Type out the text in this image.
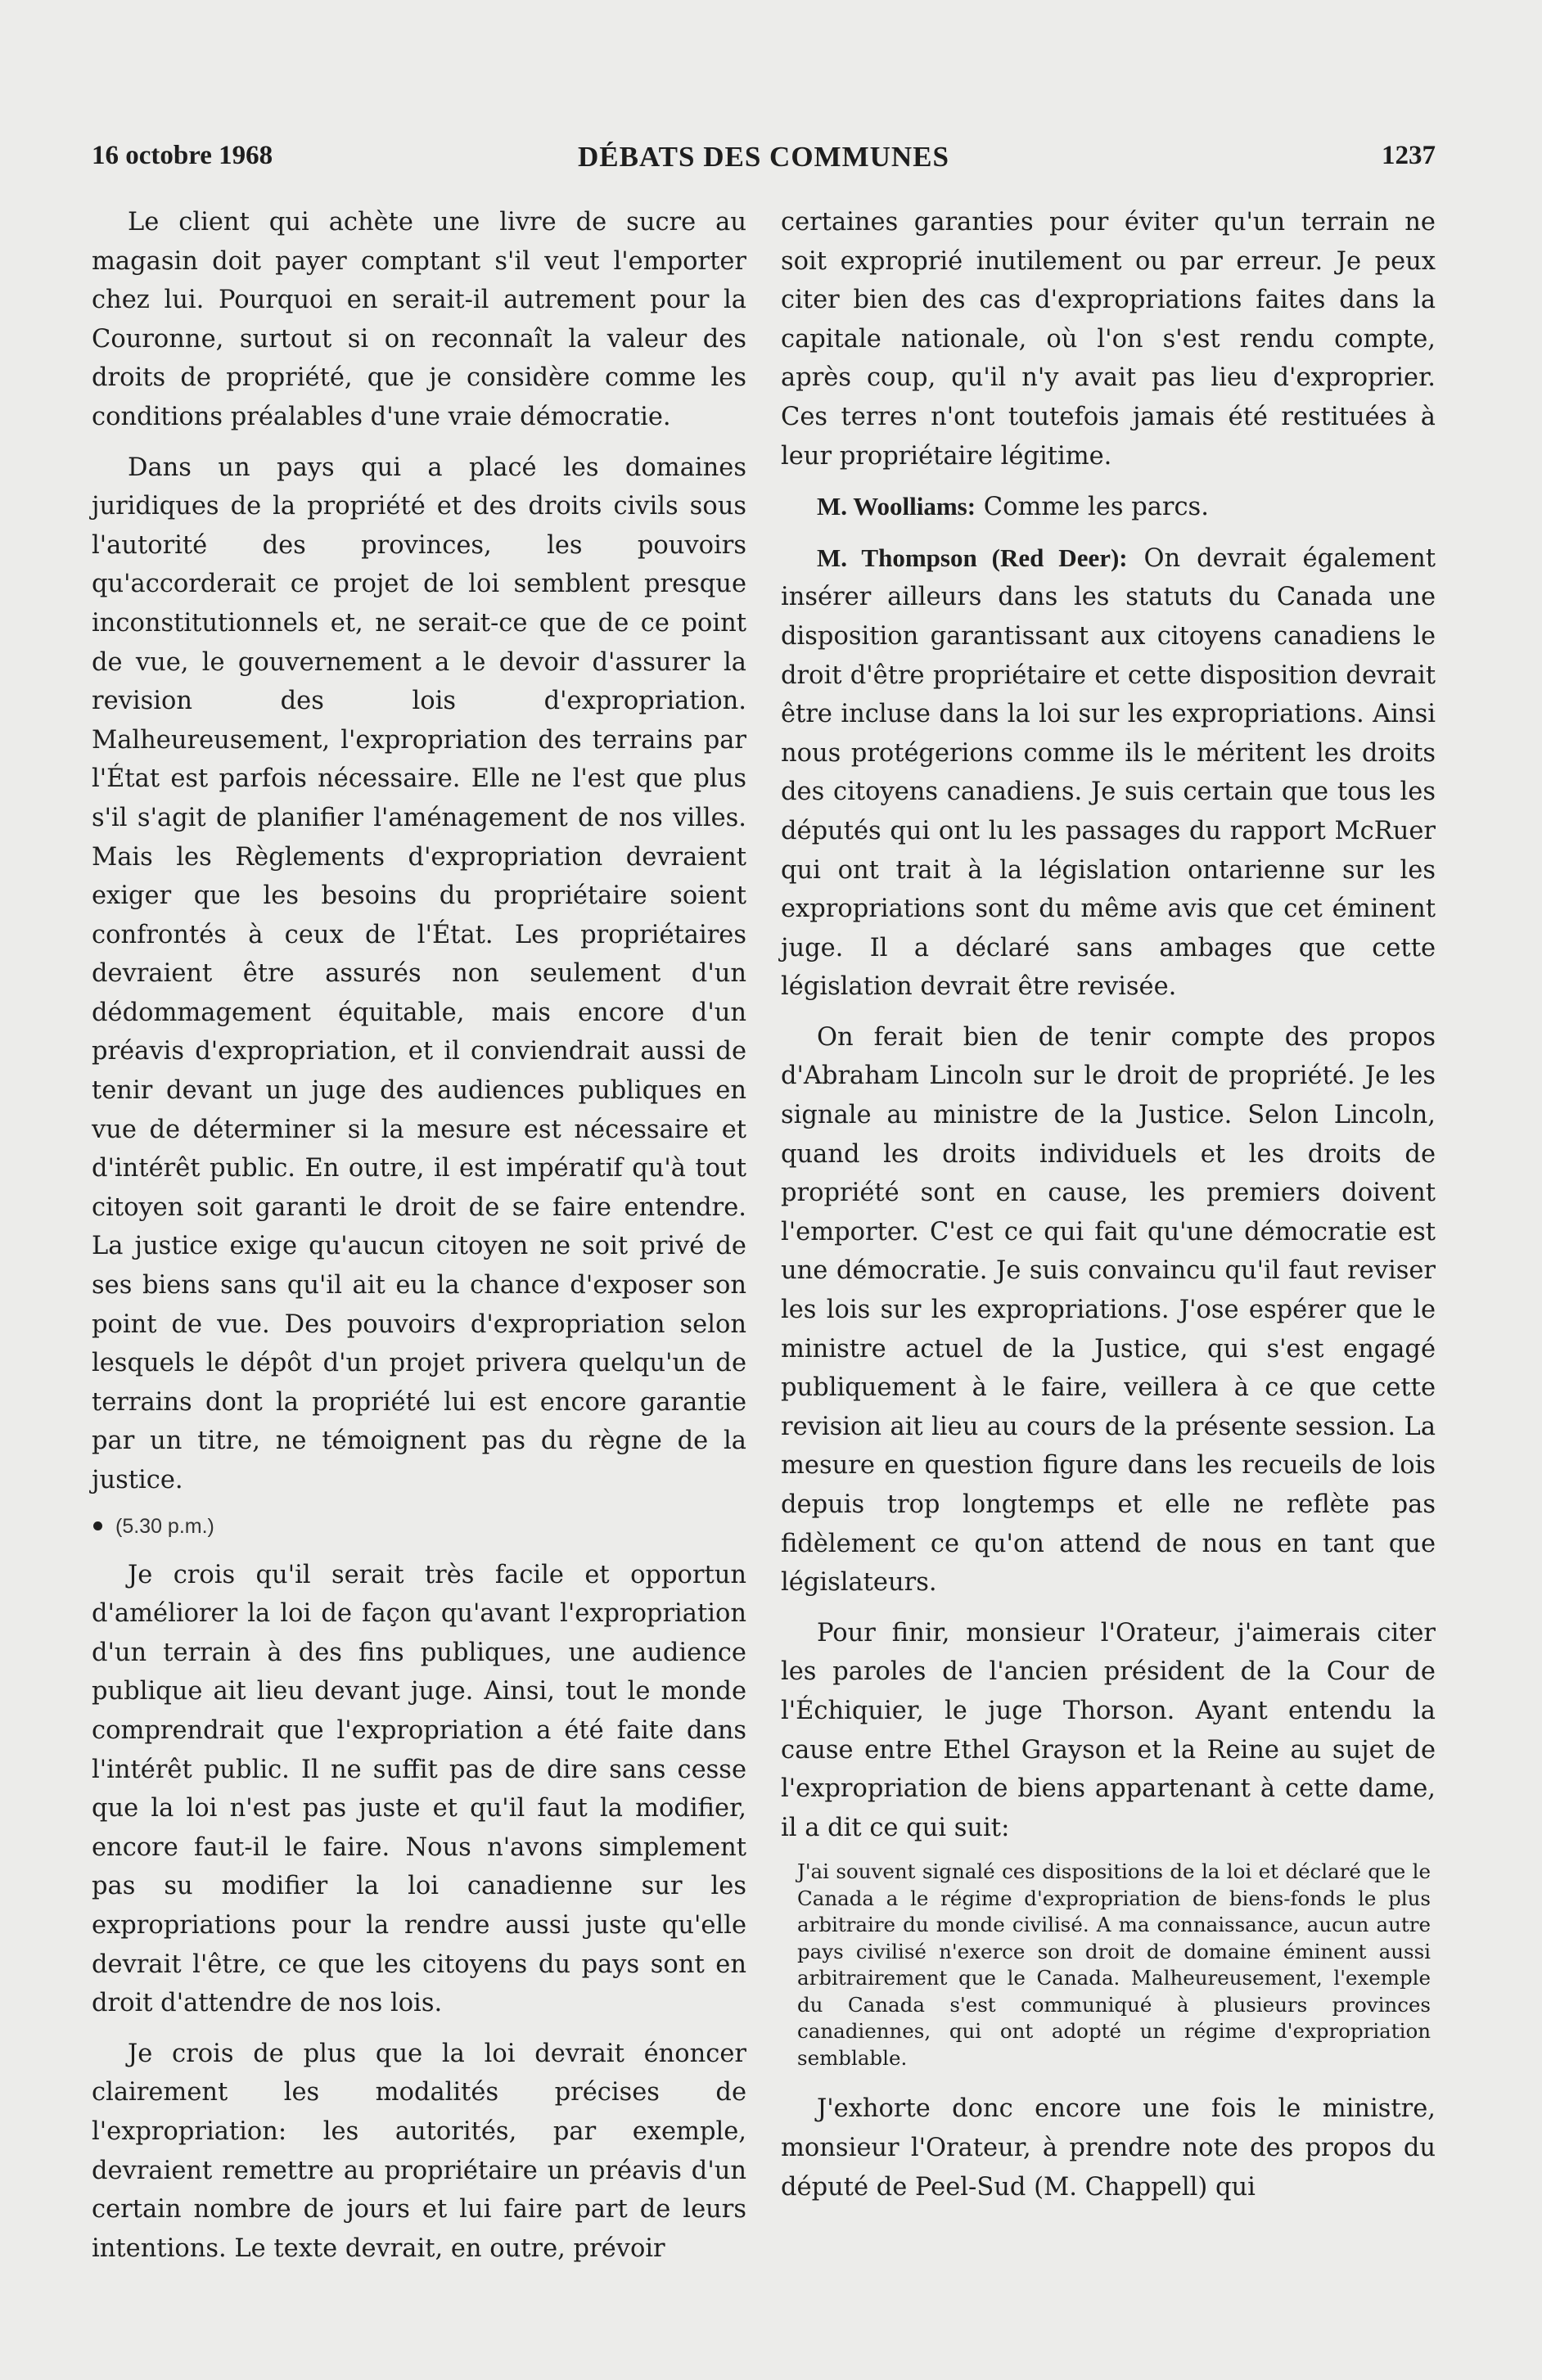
16 octobre 1968	DÉBATS DES COMMUNES	1237

Le client qui achète une livre de sucre au magasin doit payer comptant s'il veut l'emporter chez lui. Pourquoi en serait-il autrement pour la Couronne, surtout si on reconnaît la valeur des droits de propriété, que je considère comme les conditions préalables d'une vraie démocratie.

Dans un pays qui a placé les domaines juridiques de la propriété et des droits civils sous l'autorité des provinces, les pouvoirs qu'accorderait ce projet de loi semblent presque inconstitutionnels et, ne serait-ce que de ce point de vue, le gouvernement a le devoir d'assurer la revision des lois d'expropriation. Malheureusement, l'expropriation des terrains par l'État est parfois nécessaire. Elle ne l'est que plus s'il s'agit de planifier l'aménagement de nos villes. Mais les Règlements d'expropriation devraient exiger que les besoins du propriétaire soient confrontés à ceux de l'État. Les propriétaires devraient être assurés non seulement d'un dédommagement équitable, mais encore d'un préavis d'expropriation, et il conviendrait aussi de tenir devant un juge des audiences publiques en vue de déterminer si la mesure est nécessaire et d'intérêt public. En outre, il est impératif qu'à tout citoyen soit garanti le droit de se faire entendre. La justice exige qu'aucun citoyen ne soit privé de ses biens sans qu'il ait eu la chance d'exposer son point de vue. Des pouvoirs d'expropriation selon lesquels le dépôt d'un projet privera quelqu'un de terrains dont la propriété lui est encore garantie par un titre, ne témoignent pas du règne de la justice.

(5.30 p.m.)

Je crois qu'il serait très facile et opportun d'améliorer la loi de façon qu'avant l'expropriation d'un terrain à des fins publiques, une audience publique ait lieu devant juge. Ainsi, tout le monde comprendrait que l'expropriation a été faite dans l'intérêt public. Il ne suffit pas de dire sans cesse que la loi n'est pas juste et qu'il faut la modifier, encore faut-il le faire. Nous n'avons simplement pas su modifier la loi canadienne sur les expropriations pour la rendre aussi juste qu'elle devrait l'être, ce que les citoyens du pays sont en droit d'attendre de nos lois.

Je crois de plus que la loi devrait énoncer clairement les modalités précises de l'expropriation: les autorités, par exemple, devraient remettre au propriétaire un préavis d'un certain nombre de jours et lui faire part de leurs intentions. Le texte devrait, en outre, prévoir

certaines garanties pour éviter qu'un terrain ne soit exproprié inutilement ou par erreur. Je peux citer bien des cas d'expropriations faites dans la capitale nationale, où l'on s'est rendu compte, après coup, qu'il n'y avait pas lieu d'exproprier. Ces terres n'ont toutefois jamais été restituées à leur propriétaire légitime.

M. Woolliams: Comme les parcs.

M. Thompson (Red Deer): On devrait également insérer ailleurs dans les statuts du Canada une disposition garantissant aux citoyens canadiens le droit d'être propriétaire et cette disposition devrait être incluse dans la loi sur les expropriations. Ainsi nous protégerions comme ils le méritent les droits des citoyens canadiens. Je suis certain que tous les députés qui ont lu les passages du rapport McRuer qui ont trait à la législation ontarienne sur les expropriations sont du même avis que cet éminent juge. Il a déclaré sans ambages que cette législation devrait être revisée.

On ferait bien de tenir compte des propos d'Abraham Lincoln sur le droit de propriété. Je les signale au ministre de la Justice. Selon Lincoln, quand les droits individuels et les droits de propriété sont en cause, les premiers doivent l'emporter. C'est ce qui fait qu'une démocratie est une démocratie. Je suis convaincu qu'il faut reviser les lois sur les expropriations. J'ose espérer que le ministre actuel de la Justice, qui s'est engagé publiquement à le faire, veillera à ce que cette revision ait lieu au cours de la présente session. La mesure en question figure dans les recueils de lois depuis trop longtemps et elle ne reflète pas fidèlement ce qu'on attend de nous en tant que législateurs.

Pour finir, monsieur l'Orateur, j'aimerais citer les paroles de l'ancien président de la Cour de l'Échiquier, le juge Thorson. Ayant entendu la cause entre Ethel Grayson et la Reine au sujet de l'expropriation de biens appartenant à cette dame, il a dit ce qui suit:

J'ai souvent signalé ces dispositions de la loi et déclaré que le Canada a le régime d'expropriation de biens-fonds le plus arbitraire du monde civilisé. A ma connaissance, aucun autre pays civilisé n'exerce son droit de domaine éminent aussi arbitrairement que le Canada. Malheureusement, l'exemple du Canada s'est communiqué à plusieurs provinces canadiennes, qui ont adopté un régime d'expropriation semblable.

J'exhorte donc encore une fois le ministre, monsieur l'Orateur, à prendre note des propos du député de Peel-Sud (M. Chappell) qui
